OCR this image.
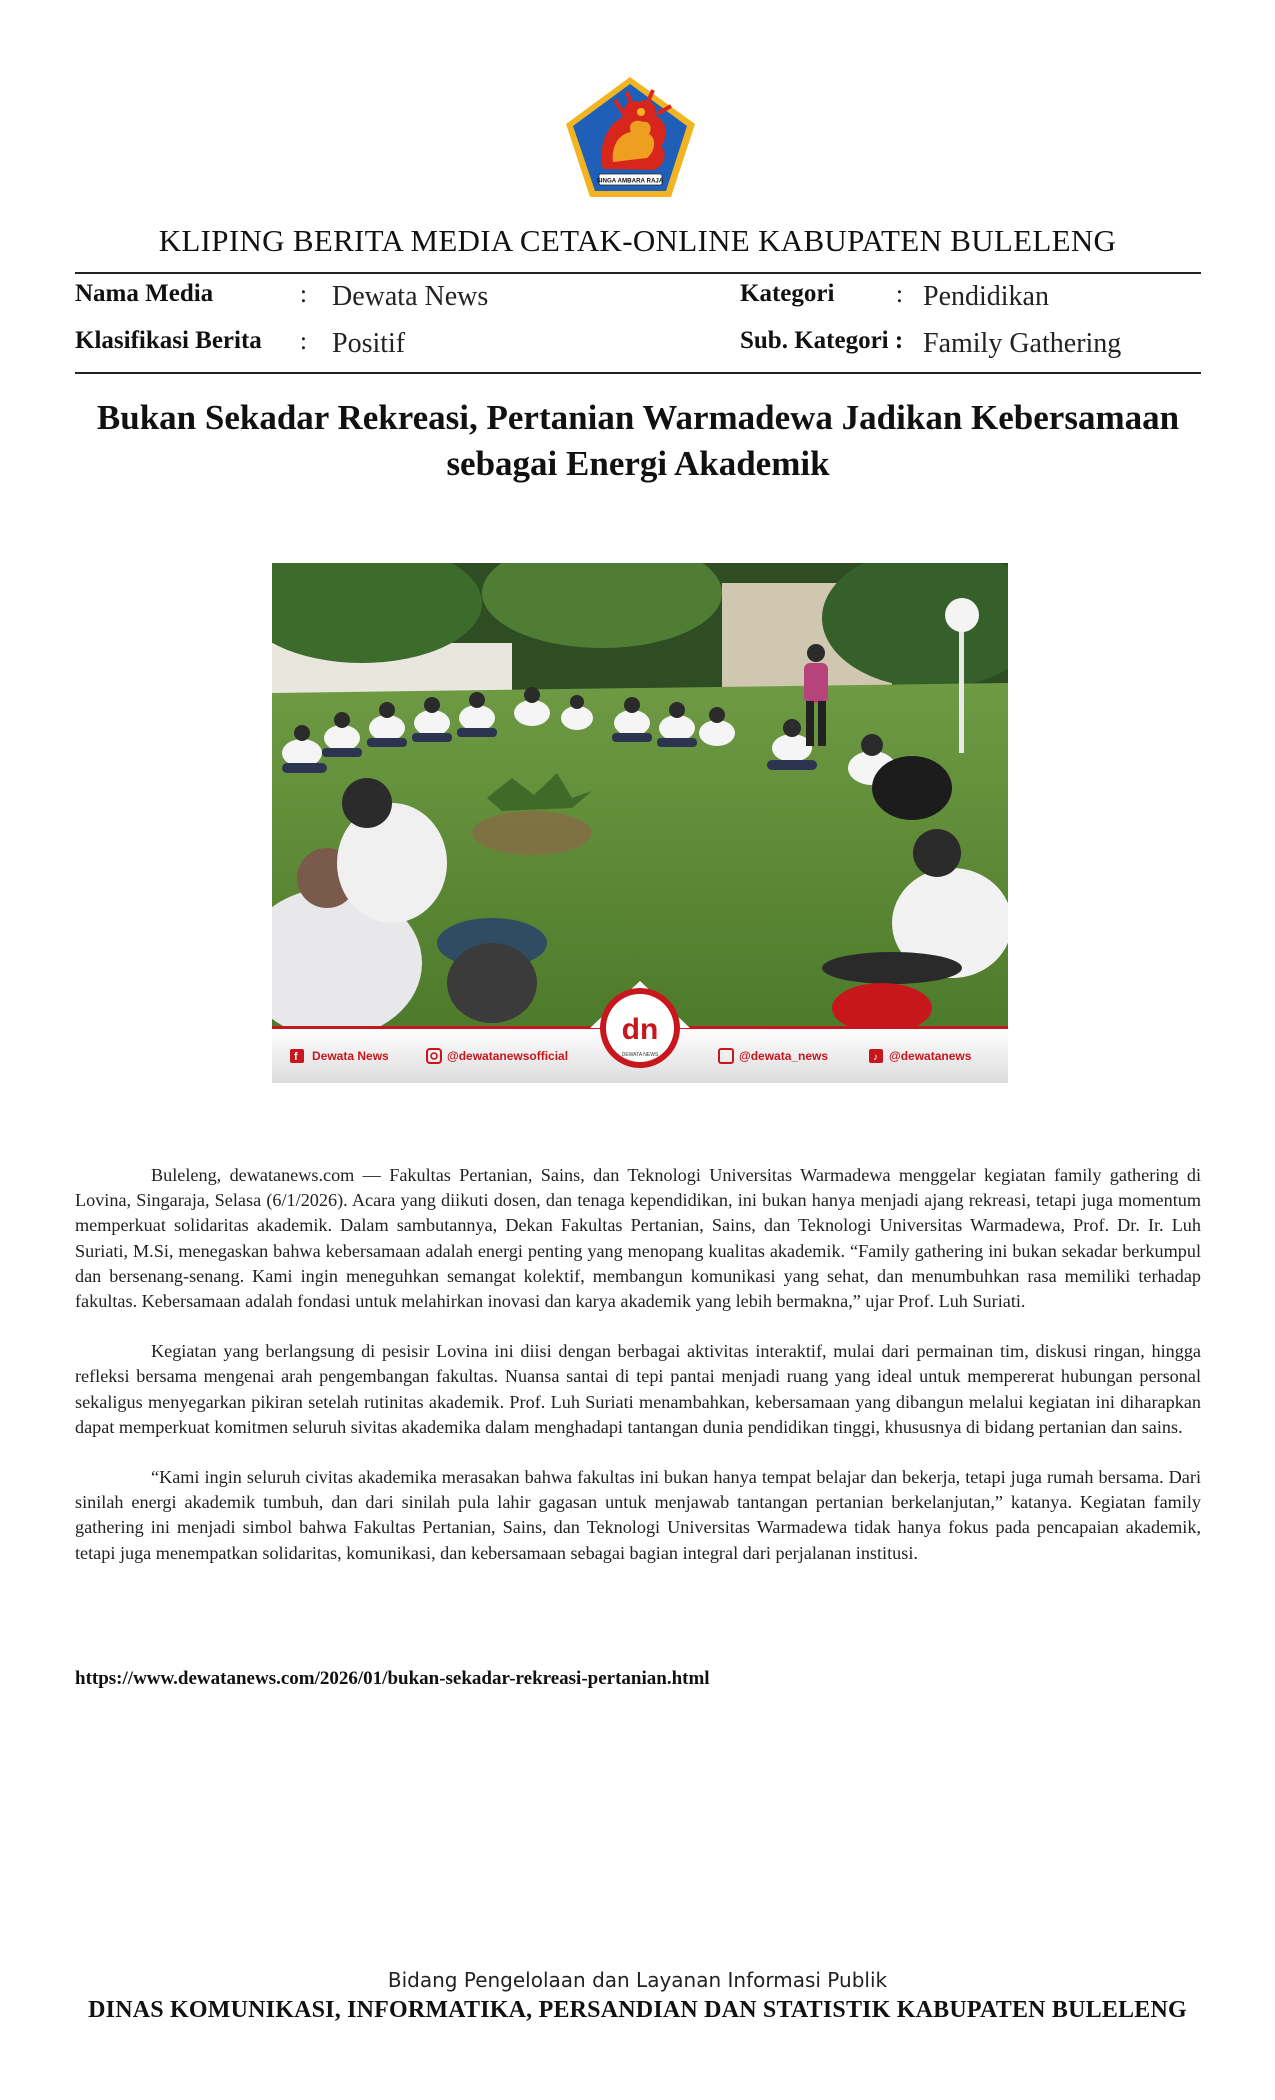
SINGA AMBARA RAJA
KLIPING BERITA MEDIA CETAK-ONLINE KABUPATEN BULELENG
Nama Media	: Dewata News
Klasifikasi Berita : Positif
Kategori : Pendidikan
Sub. Kategori : Family Gathering
Bukan Sekadar Rekreasi, Pertanian Warmadewa Jadikan Kebersamaan sebagai Energi Akademik
dn
DEWATA NEWS
f Dewata News	@dewatanewsofficial	@dewata_news	♪ @dewatanews

Buleleng, dewatanews.com — Fakultas Pertanian, Sains, dan Teknologi Universitas Warmadewa menggelar kegiatan family gathering di Lovina, Singaraja, Selasa (6/1/2026). Acara yang diikuti dosen, dan tenaga kependidikan, ini bukan hanya menjadi ajang rekreasi, tetapi juga momentum memperkuat solidaritas akademik. Dalam sambutannya, Dekan Fakultas Pertanian, Sains, dan Teknologi Universitas Warmadewa, Prof. Dr. Ir. Luh Suriati, M.Si, menegaskan bahwa kebersamaan adalah energi penting yang menopang kualitas akademik. “Family gathering ini bukan sekadar berkumpul dan bersenang-senang. Kami ingin meneguhkan semangat kolektif, membangun komunikasi yang sehat, dan menumbuhkan rasa memiliki terhadap fakultas. Kebersamaan adalah fondasi untuk melahirkan inovasi dan karya akademik yang lebih bermakna,” ujar Prof. Luh Suriati.

Kegiatan yang berlangsung di pesisir Lovina ini diisi dengan berbagai aktivitas interaktif, mulai dari permainan tim, diskusi ringan, hingga refleksi bersama mengenai arah pengembangan fakultas. Nuansa santai di tepi pantai menjadi ruang yang ideal untuk mempererat hubungan personal sekaligus menyegarkan pikiran setelah rutinitas akademik. Prof. Luh Suriati menambahkan, kebersamaan yang dibangun melalui kegiatan ini diharapkan dapat memperkuat komitmen seluruh sivitas akademika dalam menghadapi tantangan dunia pendidikan tinggi, khususnya di bidang pertanian dan sains.

“Kami ingin seluruh civitas akademika merasakan bahwa fakultas ini bukan hanya tempat belajar dan bekerja, tetapi juga rumah bersama. Dari sinilah energi akademik tumbuh, dan dari sinilah pula lahir gagasan untuk menjawab tantangan pertanian berkelanjutan,” katanya. Kegiatan family gathering ini menjadi simbol bahwa Fakultas Pertanian, Sains, dan Teknologi Universitas Warmadewa tidak hanya fokus pada pencapaian akademik, tetapi juga menempatkan solidaritas, komunikasi, dan kebersamaan sebagai bagian integral dari perjalanan institusi.

https://www.dewatanews.com/2026/01/bukan-sekadar-rekreasi-pertanian.html
Bidang Pengelolaan dan Layanan Informasi Publik
DINAS KOMUNIKASI, INFORMATIKA, PERSANDIAN DAN STATISTIK KABUPATEN BULELENG
